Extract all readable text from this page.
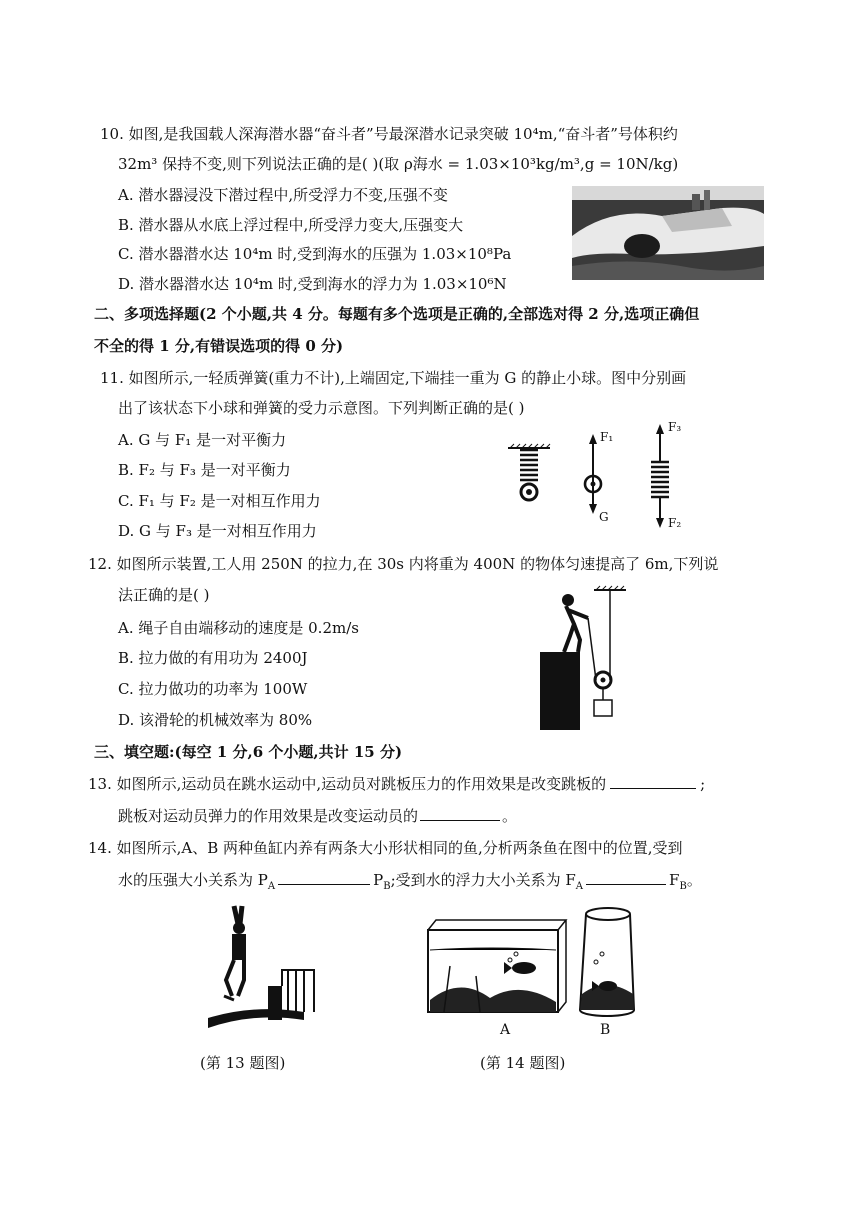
10. 如图,是我国载人深海潜水器“奋斗者”号最深潜水记录突破 10⁴m,“奋斗者”号体积约
32m³ 保持不变,则下列说法正确的是( )(取 ρ海水 = 1.03×10³kg/m³,g = 10N/kg)
A. 潜水器浸没下潜过程中,所受浮力不变,压强不变
B. 潜水器从水底上浮过程中,所受浮力变大,压强变大
C. 潜水器潜水达 10⁴m 时,受到海水的压强为 1.03×10⁸Pa
D. 潜水器潜水达 10⁴m 时,受到海水的浮力为 1.03×10⁶N
二、多项选择题(2 个小题,共 4 分。每题有多个选项是正确的,全部选对得 2 分,选项正确但
不全的得 1 分,有错误选项的得 0 分)
11. 如图所示,一轻质弹簧(重力不计),上端固定,下端挂一重为 G 的静止小球。图中分别画
出了该状态下小球和弹簧的受力示意图。下列判断正确的是( )
A. G 与 F₁ 是一对平衡力
B. F₂ 与 F₃ 是一对平衡力
C. F₁ 与 F₂ 是一对相互作用力
D. G 与 F₃ 是一对相互作用力
F₁
G
F₃
F₂
12. 如图所示装置,工人用 250N 的拉力,在 30s 内将重为 400N 的物体匀速提高了 6m,下列说
法正确的是( )
A. 绳子自由端移动的速度是 0.2m/s
B. 拉力做的有用功为 2400J
C. 拉力做功的功率为 100W
D. 该滑轮的机械效率为 80%
三、填空题:(每空 1 分,6 个小题,共计 15 分)
13. 如图所示,运动员在跳水运动中,运动员对跳板压力的作用效果是改变跳板的	;
跳板对运动员弹力的作用效果是改变运动员的	。
14. 如图所示,A、B 两种鱼缸内养有两条大小形状相同的鱼,分析两条鱼在图中的位置,受到
水的压强大小关系为 $P_A$	$P_B$;受到水的浮力大小关系为 $F_A$	$F_B$。
(第 13 题图)
A	B
(第 14 题图)
